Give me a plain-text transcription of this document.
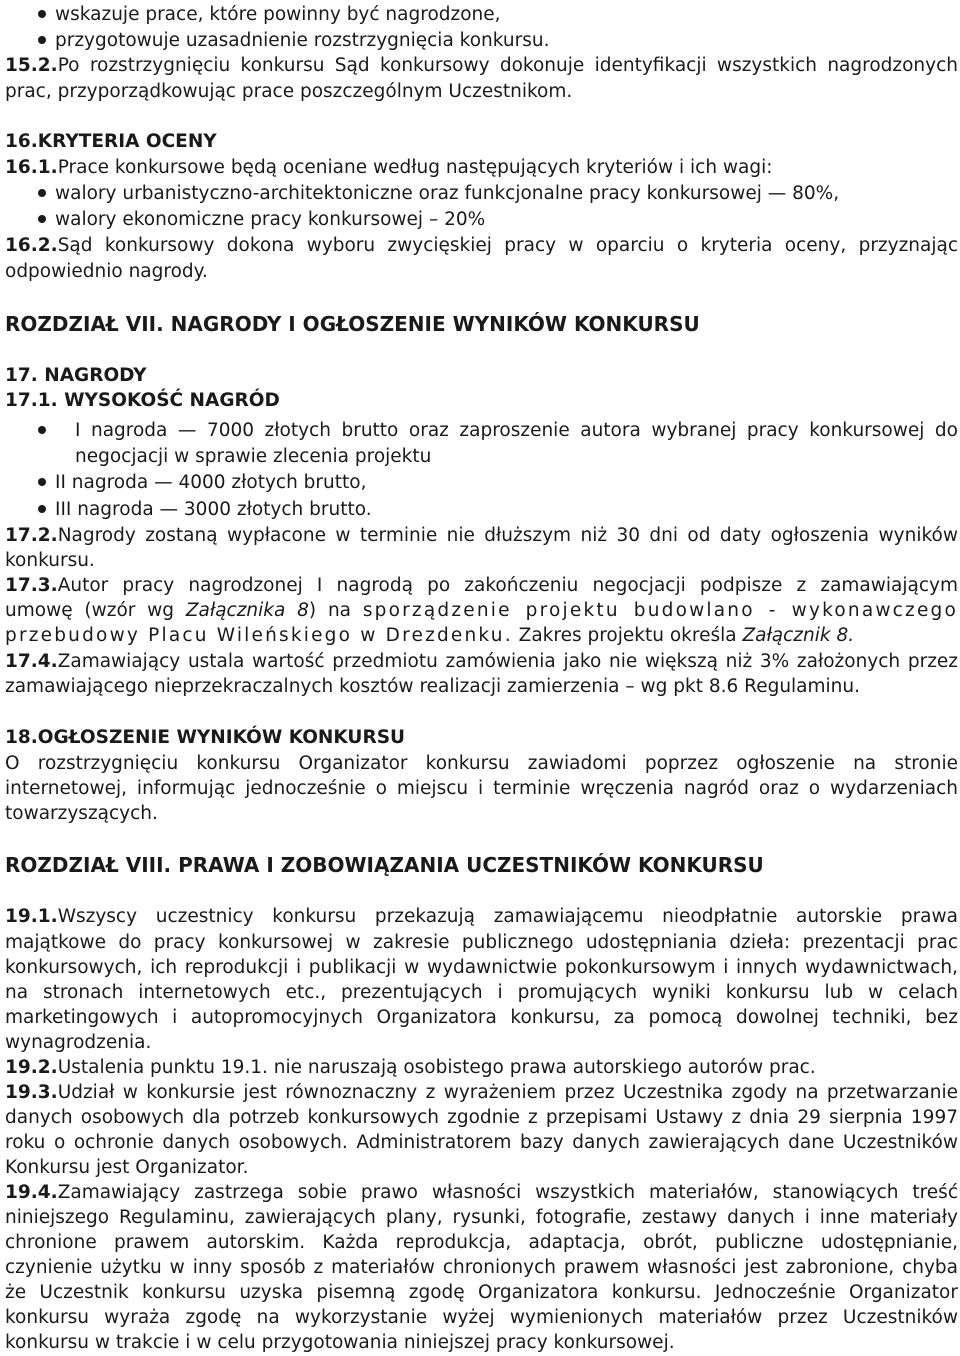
wskazuje prace, które powinny być nagrodzone,
przygotowuje uzasadnienie rozstrzygnięcia konkursu.
15.2.Po rozstrzygnięciu konkursu Sąd konkursowy dokonuje identyfikacji wszystkich nagrodzonych
prac, przyporządkowując prace poszczególnym Uczestnikom.
16.KRYTERIA OCENY
16.1.Prace konkursowe będą oceniane według następujących kryteriów i ich wagi:
walory urbanistyczno-architektoniczne oraz funkcjonalne pracy konkursowej — 80%,
walory ekonomiczne pracy konkursowej – 20%
16.2.Sąd konkursowy dokona wyboru zwycięskiej pracy w oparciu o kryteria oceny, przyznając
odpowiednio nagrody.
ROZDZIAŁ VII. NAGRODY I OGŁOSZENIE WYNIKÓW KONKURSU
17. NAGRODY
17.1. WYSOKOŚĆ NAGRÓD
I nagroda — 7000 złotych brutto oraz zaproszenie autora wybranej pracy konkursowej do
negocjacji w sprawie zlecenia projektu
II nagroda — 4000 złotych brutto,
III nagroda — 3000 złotych brutto.
17.2.Nagrody zostaną wypłacone w terminie nie dłuższym niż 30 dni od daty ogłoszenia wyników
konkursu.
17.3.Autor pracy nagrodzonej I nagrodą po zakończeniu negocjacji podpisze z zamawiającym
umowę (wzór wg Załącznika 8) na sporządzenie projektu budowlano - wykonawczego
przebudowy Placu Wileńskiego w Drezdenku. Zakres projektu określa Załącznik 8.
17.4.Zamawiający ustala wartość przedmiotu zamówienia jako nie większą niż 3% założonych przez
zamawiającego nieprzekraczalnych kosztów realizacji zamierzenia – wg pkt 8.6 Regulaminu.
18.OGŁOSZENIE WYNIKÓW KONKURSU
O rozstrzygnięciu konkursu Organizator konkursu zawiadomi poprzez ogłoszenie na stronie
internetowej, informując jednocześnie o miejscu i terminie wręczenia nagród oraz o wydarzeniach
towarzyszących.
ROZDZIAŁ VIII. PRAWA I ZOBOWIĄZANIA UCZESTNIKÓW KONKURSU
19.1.Wszyscy uczestnicy konkursu przekazują zamawiającemu nieodpłatnie autorskie prawa
majątkowe do pracy konkursowej w zakresie publicznego udostępniania dzieła: prezentacji prac
konkursowych, ich reprodukcji i publikacji w wydawnictwie pokonkursowym i innych wydawnictwach,
na stronach internetowych etc., prezentujących i promujących wyniki konkursu lub w celach
marketingowych i autopromocyjnych Organizatora konkursu, za pomocą dowolnej techniki, bez
wynagrodzenia.
19.2.Ustalenia punktu 19.1. nie naruszają osobistego prawa autorskiego autorów prac.
19.3.Udział w konkursie jest równoznaczny z wyrażeniem przez Uczestnika zgody na przetwarzanie
danych osobowych dla potrzeb konkursowych zgodnie z przepisami Ustawy z dnia 29 sierpnia 1997
roku o ochronie danych osobowych. Administratorem bazy danych zawierających dane Uczestników
Konkursu jest Organizator.
19.4.Zamawiający zastrzega sobie prawo własności wszystkich materiałów, stanowiących treść
niniejszego Regulaminu, zawierających plany, rysunki, fotografie, zestawy danych i inne materiały
chronione prawem autorskim. Każda reprodukcja, adaptacja, obrót, publiczne udostępnianie,
czynienie użytku w inny sposób z materiałów chronionych prawem własności jest zabronione, chyba
że Uczestnik konkursu uzyska pisemną zgodę Organizatora konkursu. Jednocześnie Organizator
konkursu wyraża zgodę na wykorzystanie wyżej wymienionych materiałów przez Uczestników
konkursu w trakcie i w celu przygotowania niniejszej pracy konkursowej.
